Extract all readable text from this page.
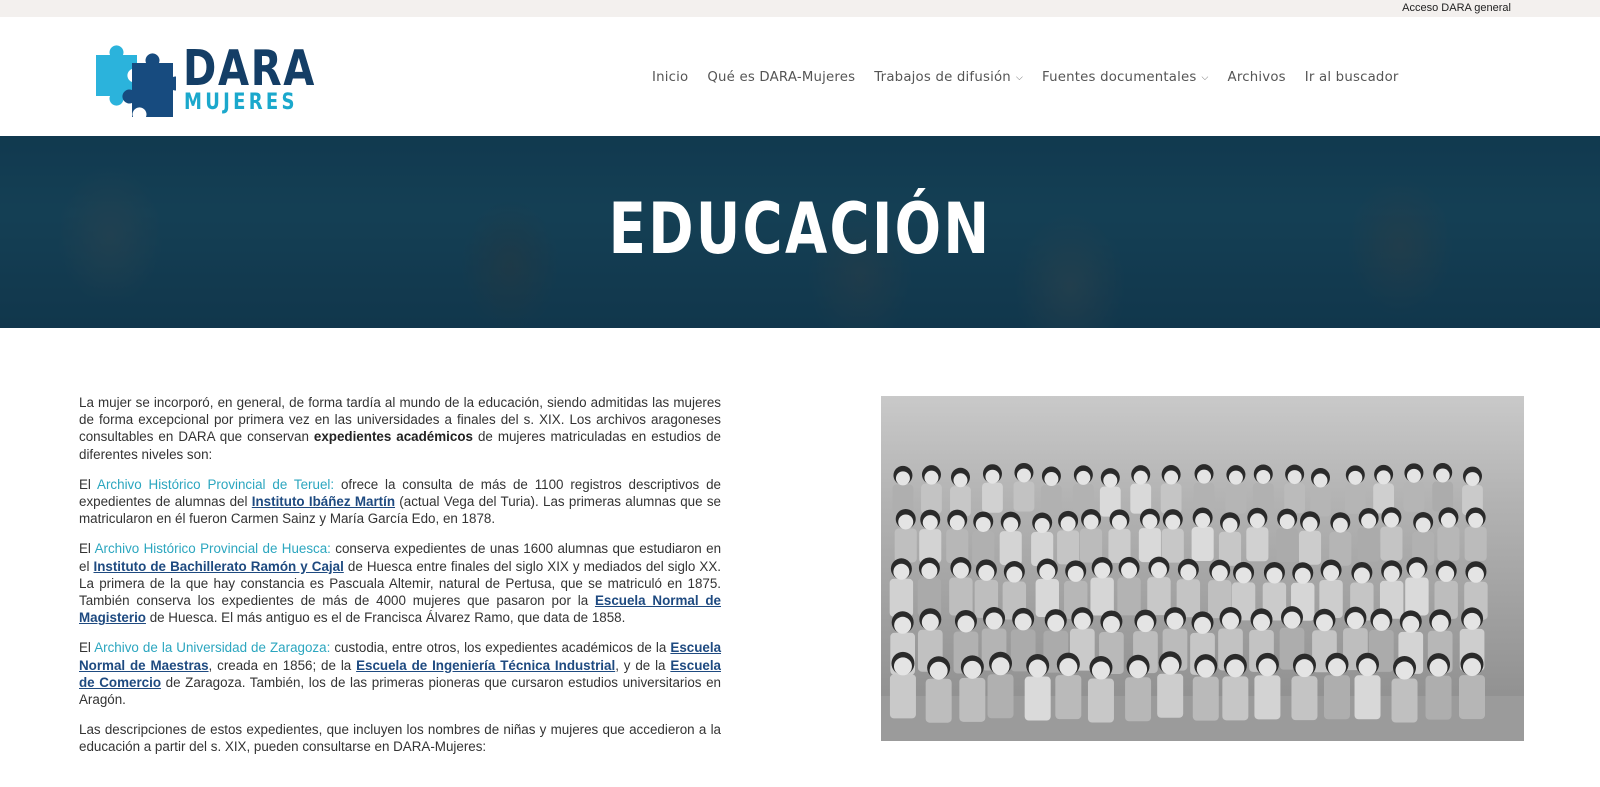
Acceso DARA general
DARA
MUJERES
Inicio Qué es DARA-Mujeres Trabajos de difusión ⌵ Fuentes documentales ⌵ Archivos Ir al buscador
EDUCACIÓN

La mujer se incorporó, en general, de forma tardía al mundo de la educación, siendo admitidas las mujeres de forma excepcional por primera vez en las universidades a finales del s. XIX. Los archivos aragoneses consultables en DARA que conservan expedientes académicos de mujeres matriculadas en estudios de diferentes niveles son:

El Archivo Histórico Provincial de Teruel: ofrece la consulta de más de 1100 registros descriptivos de expedientes de alumnas del Instituto Ibáñez Martín (actual Vega del Turia). Las primeras alumnas que se matricularon en él fueron Carmen Sainz y María García Edo, en 1878.

El Archivo Histórico Provincial de Huesca: conserva expedientes de unas 1600 alumnas que estudiaron en el Instituto de Bachillerato Ramón y Cajal de Huesca entre finales del siglo XIX y mediados del siglo XX. La primera de la que hay constancia es Pascuala Altemir, natural de Pertusa, que se matriculó en 1875. También conserva los expedientes de más de 4000 mujeres que pasaron por la Escuela Normal de Magisterio de Huesca. El más antiguo es el de Francisca Álvarez Ramo, que data de 1858.

El Archivo de la Universidad de Zaragoza: custodia, entre otros, los expedientes académicos de la Escuela Normal de Maestras, creada en 1856; de la Escuela de Ingeniería Técnica Industrial, y de la Escuela de Comercio de Zaragoza. También, los de las primeras pioneras que cursaron estudios universitarios en Aragón.

Las descripciones de estos expedientes, que incluyen los nombres de niñas y mujeres que accedieron a la educación a partir del s. XIX, pueden consultarse en DARA-Mujeres:
